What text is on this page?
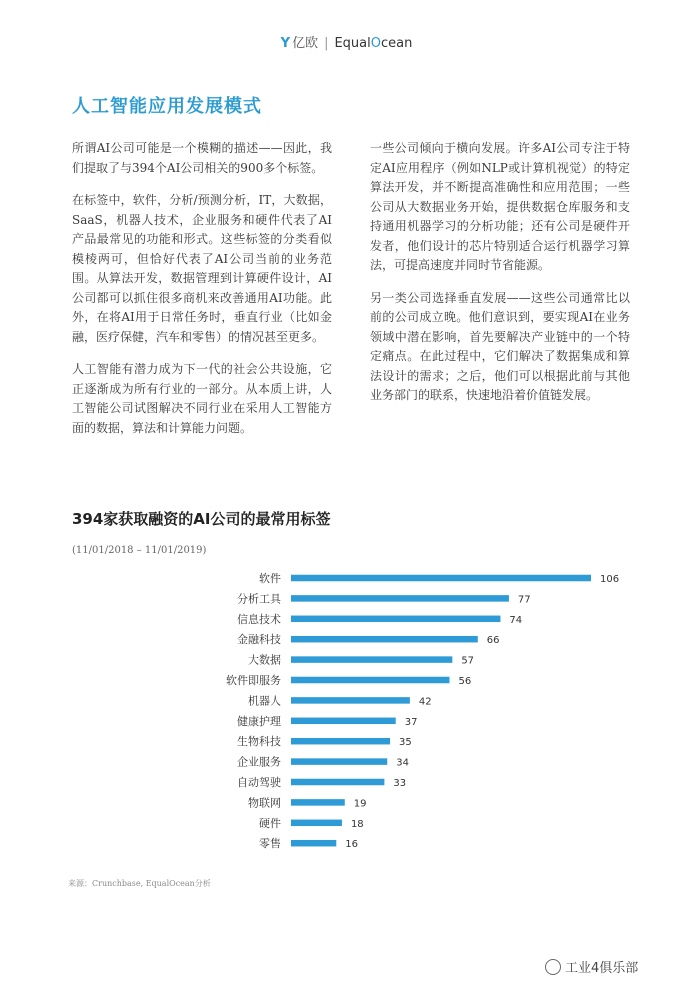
Y 亿欧 | EqualOcean
人工智能应用发展模式

所谓AI公司可能是一个模糊的描述——因此，我们提取了与394个AI公司相关的900多个标签。

在标签中，软件，分析/预测分析，IT，大数据，SaaS，机器人技术，企业服务和硬件代表了AI产品最常见的功能和形式。这些标签的分类看似模棱两可，但恰好代表了AI公司当前的业务范围。从算法开发，数据管理到计算硬件设计，AI公司都可以抓住很多商机来改善通用AI功能。此外，在将AI用于日常任务时，垂直行业（比如金融，医疗保健，汽车和零售）的情况甚至更多。

人工智能有潜力成为下一代的社会公共设施，它正逐渐成为所有行业的一部分。从本质上讲，人工智能公司试图解决不同行业在采用人工智能方面的数据，算法和计算能力问题。

一些公司倾向于横向发展。许多AI公司专注于特定AI应用程序（例如NLP或计算机视觉）的特定算法开发，并不断提高准确性和应用范围；一些公司从大数据业务开始，提供数据仓库服务和支持通用机器学习的分析功能；还有公司是硬件开发者，他们设计的芯片特别适合运行机器学习算法，可提高速度并同时节省能源。

另一类公司选择垂直发展——这些公司通常比以前的公司成立晚。他们意识到，要实现AI在业务领域中潜在影响，首先要解决产业链中的一个特定痛点。在此过程中，它们解决了数据集成和算法设计的需求；之后，他们可以根据此前与其他业务部门的联系，快速地沿着价值链发展。

394家获取融资的AI公司的最常用标签
(11/01/2018 – 11/01/2019)
软件	106
分析工具	77
信息技术	74
金融科技	66
大数据	57
软件即服务	56
机器人	42
健康护理	37
生物科技	35
企业服务	34
自动驾驶	33
物联网	19
硬件	18
零售	16
来源：Crunchbase, EqualOcean分析
工业4俱乐部
